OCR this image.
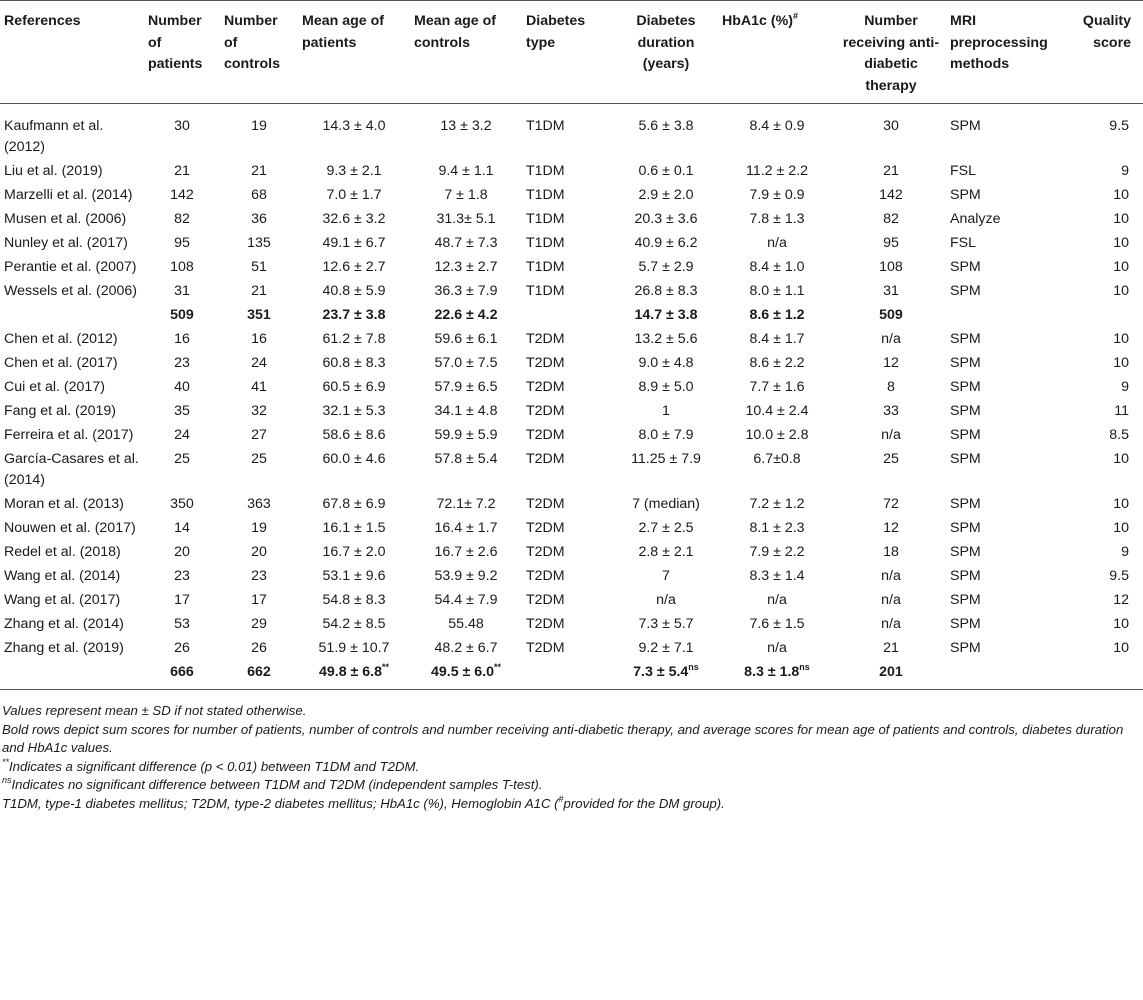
References	Number of patients	Number of controls	Mean age of patients	Mean age of controls	Diabetes type	Diabetes duration (years)	HbA1c (%)#	Number receiving anti-diabetic therapy	MRI preprocessing methods	Quality score
Kaufmann et al. (2012)	30	19	14.3 ± 4.0	13 ± 3.2	T1DM	5.6 ± 3.8	8.4 ± 0.9	30	SPM	9.5
Liu et al. (2019)	21	21	9.3 ± 2.1	9.4 ± 1.1	T1DM	0.6 ± 0.1	11.2 ± 2.2	21	FSL	9
Marzelli et al. (2014)	142	68	7.0 ± 1.7	7 ± 1.8	T1DM	2.9 ± 2.0	7.9 ± 0.9	142	SPM	10
Musen et al. (2006)	82	36	32.6 ± 3.2	31.3± 5.1	T1DM	20.3 ± 3.6	7.8 ± 1.3	82	Analyze	10
Nunley et al. (2017)	95	135	49.1 ± 6.7	48.7 ± 7.3	T1DM	40.9 ± 6.2	n/a	95	FSL	10
Perantie et al. (2007)	108	51	12.6 ± 2.7	12.3 ± 2.7	T1DM	5.7 ± 2.9	8.4 ± 1.0	108	SPM	10
Wessels et al. (2006)	31	21	40.8 ± 5.9	36.3 ± 7.9	T1DM	26.8 ± 8.3	8.0 ± 1.1	31	SPM	10
	509	351	23.7 ± 3.8	22.6 ± 4.2		14.7 ± 3.8	8.6 ± 1.2	509		
Chen et al. (2012)	16	16	61.2 ± 7.8	59.6 ± 6.1	T2DM	13.2 ± 5.6	8.4 ± 1.7	n/a	SPM	10
Chen et al. (2017)	23	24	60.8 ± 8.3	57.0 ± 7.5	T2DM	9.0 ± 4.8	8.6 ± 2.2	12	SPM	10
Cui et al. (2017)	40	41	60.5 ± 6.9	57.9 ± 6.5	T2DM	8.9 ± 5.0	7.7 ± 1.6	8	SPM	9
Fang et al. (2019)	35	32	32.1 ± 5.3	34.1 ± 4.8	T2DM	1	10.4 ± 2.4	33	SPM	11
Ferreira et al. (2017)	24	27	58.6 ± 8.6	59.9 ± 5.9	T2DM	8.0 ± 7.9	10.0 ± 2.8	n/a	SPM	8.5
García-Casares et al. (2014)	25	25	60.0 ± 4.6	57.8 ± 5.4	T2DM	11.25 ± 7.9	6.7±0.8	25	SPM	10
Moran et al. (2013)	350	363	67.8 ± 6.9	72.1± 7.2	T2DM	7 (median)	7.2 ± 1.2	72	SPM	10
Nouwen et al. (2017)	14	19	16.1 ± 1.5	16.4 ± 1.7	T2DM	2.7 ± 2.5	8.1 ± 2.3	12	SPM	10
Redel et al. (2018)	20	20	16.7 ± 2.0	16.7 ± 2.6	T2DM	2.8 ± 2.1	7.9 ± 2.2	18	SPM	9
Wang et al. (2014)	23	23	53.1 ± 9.6	53.9 ± 9.2	T2DM	7	8.3 ± 1.4	n/a	SPM	9.5
Wang et al. (2017)	17	17	54.8 ± 8.3	54.4 ± 7.9	T2DM	n/a	n/a	n/a	SPM	12
Zhang et al. (2014)	53	29	54.2 ± 8.5	55.48	T2DM	7.3 ± 5.7	7.6 ± 1.5	n/a	SPM	10
Zhang et al. (2019)	26	26	51.9 ± 10.7	48.2 ± 6.7	T2DM	9.2 ± 7.1	n/a	21	SPM	10
	666	662	49.8 ± 6.8**	49.5 ± 6.0**		$7.3 \pm 5.4^{ns}$	$8.3 \pm 1.8^{ns}$	201		
Values represent mean ± SD if not stated otherwise.
Bold rows depict sum scores for number of patients, number of controls and number receiving anti-diabetic therapy, and average scores for mean age of patients and controls, diabetes duration and HbA1c values.
**Indicates a significant difference (p < 0.01) between T1DM and T2DM.
$^{ns}$Indicates no significant difference between T1DM and T2DM (independent samples T-test).
T1DM, type-1 diabetes mellitus; T2DM, type-2 diabetes mellitus; HbA1c (%), Hemoglobin A1C (#provided for the DM group).
